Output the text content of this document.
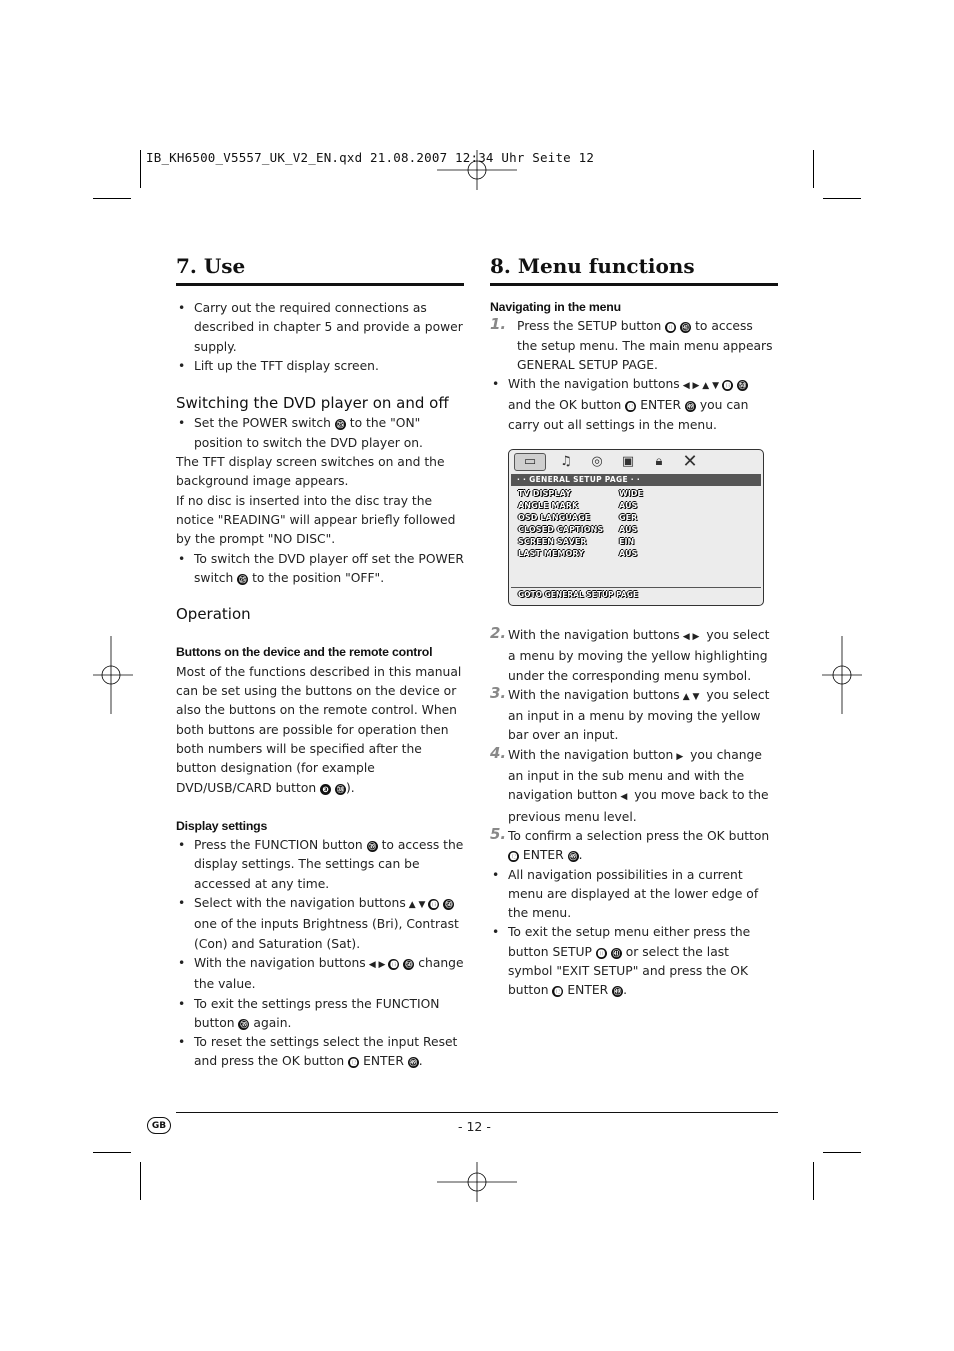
IB_KH6500_V5557_UK_V2_EN.qxd 21.08.2007 12:34 Uhr Seite 12
7. Use
• Carry out the required connections as described in chapter 5 and provide a power supply.
• Lift up the TFT display screen.
Switching the DVD player on and off
• Set the POWER switch ㉕ to the "ON" position to switch the DVD player on.

The TFT display screen switches on and the background image appears.

If no disc is inserted into the disc tray the notice "READING" will appear briefly followed by the prompt "NO DISC".

• To switch the DVD player off set the POWER switch ㉕ to the position "OFF".
Operation
Buttons on the device and the remote control

Most of the functions described in this manual can be set using the buttons on the device or also the buttons on the remote control. When both buttons are possible for operation then both numbers will be specified after the button designation (for example DVD/USB/CARD button ❸ ㊳ ).

Display settings
• Press the FUNCTION button ㊴ to access the display settings. The settings can be accessed at any time.
• Select with the navigation buttons ▲ ▼ ⓭ ㊿ one of the inputs Brightness (Bri), Contrast (Con) and Saturation (Sat).
• With the navigation buttons ◀ ▶ ⓭ ㊿ change the value.
• To exit the settings press the FUNCTION button ㊴ again.
• To reset the settings select the input Reset and press the OK button ⓬ ENTER ㊾ .
8. Menu functions
Navigating in the menu
1. Press the SETUP button ⓫ ㊶ to access the setup menu. The main menu appears GENERAL SETUP PAGE.
• With the navigation buttons ◀ ▶ ▲ ▼ ⓭ ㊿ and the OK button ⓬ ENTER ㊾ you can carry out all settings in the menu.
▭	♫	◎	▣	🔒︎	✕
· · GENERAL SETUP PAGE · ·
TV DISPLAY	WIDE
ANGLE MARK	AUS
OSD LANGUAGE	GER
CLOSED CAPTIONS AUS
SCREEN SAVER	EIN
LAST MEMORY	AUS
GOTO GENERAL SETUP PAGE
2. With the navigation buttons ◀ ▶ you select a menu by moving the yellow highlighting under the corresponding menu symbol.
3. With the navigation buttons ▲ ▼ you select an input in a menu by moving the yellow bar over an input.
4. With the navigation button ▶ you change an input in the sub menu and with the navigation button ◀ you move back to the previous menu level.
5. To confirm a selection press the OK button ⓬ ENTER ㊾ .
• All navigation possibilities in a current menu are displayed at the lower edge of the menu.
• To exit the setup menu either press the button SETUP ⓫ ㊶ or select the last symbol "EXIT SETUP" and press the OK button ⓬ ENTER ㊾ .
GB	- 12 -
